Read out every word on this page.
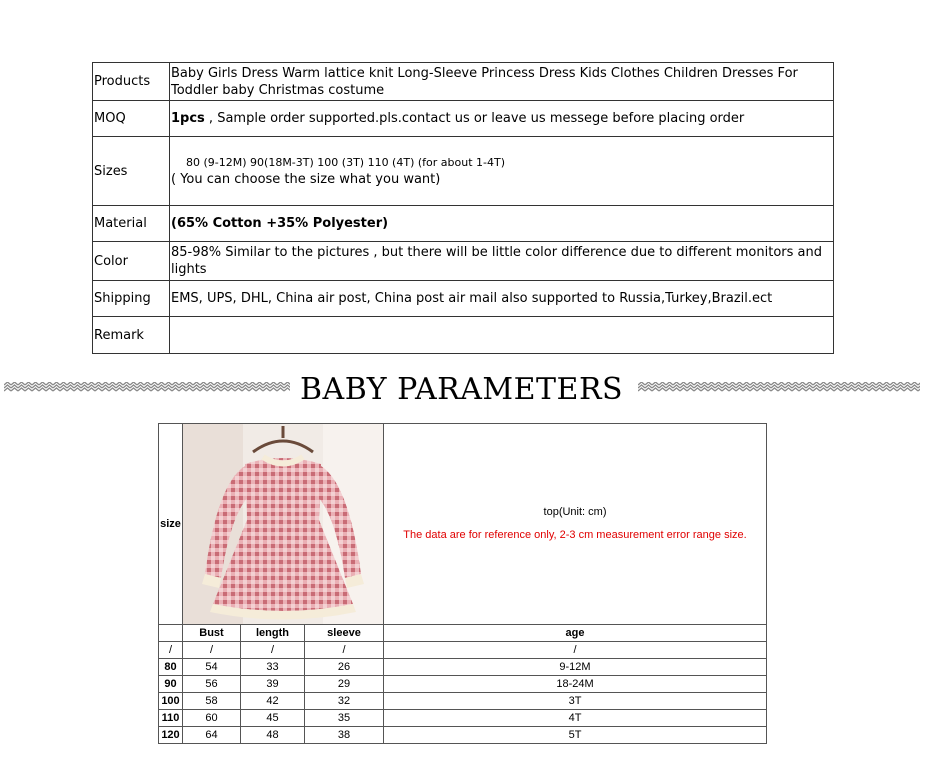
Products	Baby Girls Dress Warm lattice knit Long-Sleeve Princess Dress Kids Clothes Children Dresses For Toddler baby Christmas costume
MOQ	1pcs , Sample order supported.pls.contact us or leave us messege before placing order
Sizes	80 (9-12M) 90(18M-3T) 100 (3T) 110 (4T) (for about 1-4T)
( You can choose the size what you want)

Material	(65% Cotton +35% Polyester)
Color	85-98% Similar to the pictures , but there will be little color difference due to different monitors and lights
Shipping	EMS, UPS, DHL, China air post, China post air mail also supported to Russia,Turkey,Brazil.ect
Remark	
BABY PARAMETERS
size				top(Unit: cm)
The data are for reference only, 2-3 cm measurement error range size.

	Bust	length	sleeve	age
/	/	/	/	/
80	54	33	26	9-12M
90	56	39	29	18-24M
100	58	42	32	3T
110	60	45	35	4T
120	64	48	38	5T
